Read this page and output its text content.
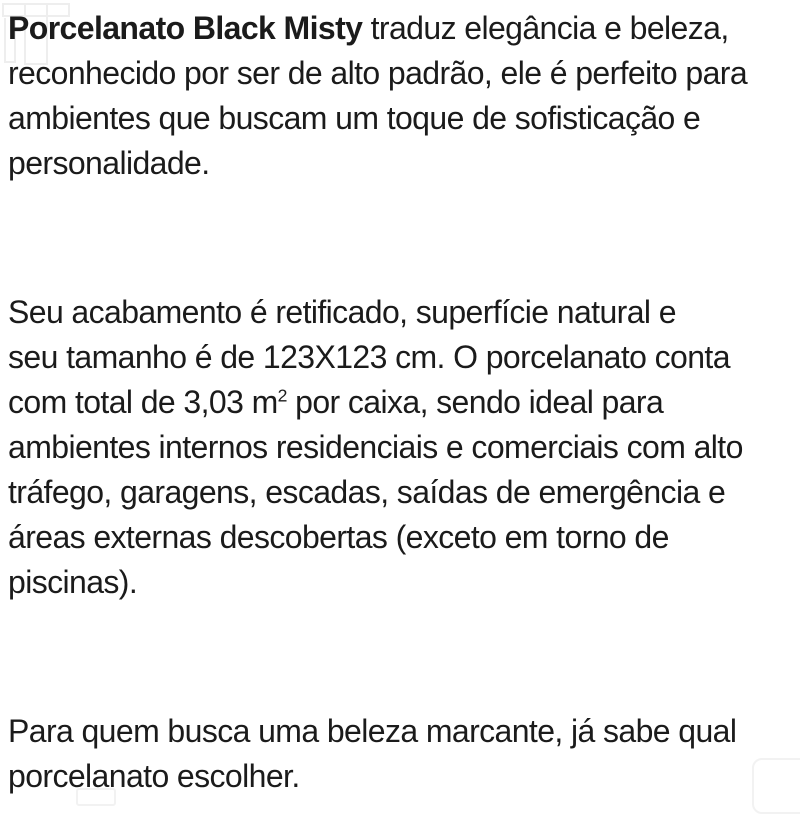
Porcelanato Black Misty traduz elegância e beleza,
reconhecido por ser de alto padrão, ele é perfeito para
ambientes que buscam um toque de sofisticação e
personalidade.

Seu acabamento é retificado, superfície natural e
seu tamanho é de 123X123 cm. O porcelanato conta
com total de 3,03 $m^2$ por caixa, sendo ideal para
ambientes internos residenciais e comerciais com alto
tráfego, garagens, escadas, saídas de emergência e
áreas externas descobertas (exceto em torno de
piscinas).

Para quem busca uma beleza marcante, já sabe qual
porcelanato escolher.
